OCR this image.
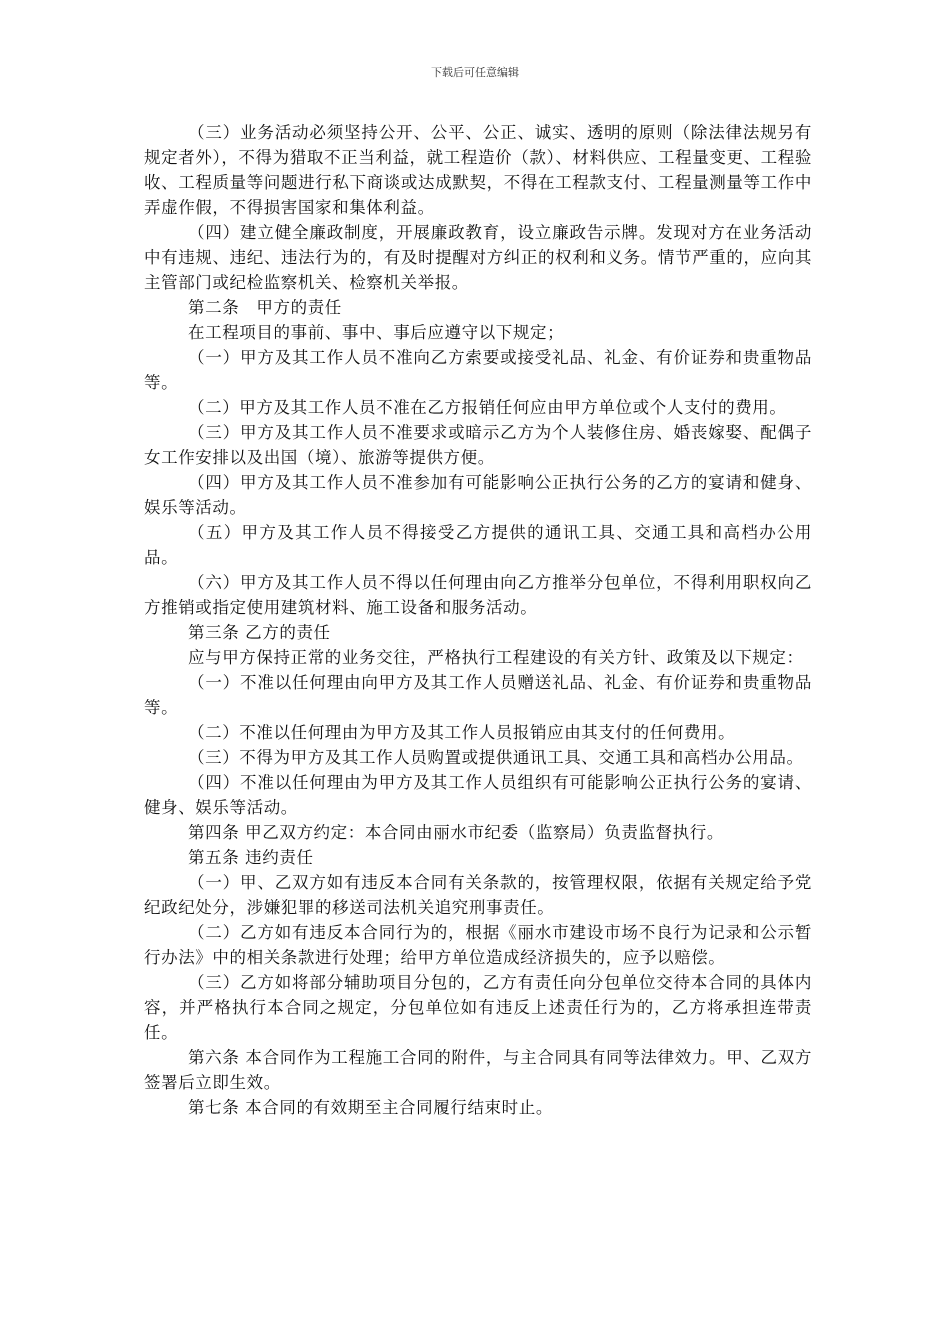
下载后可任意编辑

（三）业务活动必须坚持公开、公平、公正、诚实、透明的原则（除法律法规另有规定者外），不得为猎取不正当利益，就工程造价（款）、材料供应、工程量变更、工程验收、工程质量等问题进行私下商谈或达成默契，不得在工程款支付、工程量测量等工作中弄虚作假，不得损害国家和集体利益。

（四）建立健全廉政制度，开展廉政教育，设立廉政告示牌。发现对方在业务活动中有违规、违纪、违法行为的，有及时提醒对方纠正的权利和义务。情节严重的，应向其主管部门或纪检监察机关、检察机关举报。

第二条　甲方的责任

在工程项目的事前、事中、事后应遵守以下规定；

（一）甲方及其工作人员不准向乙方索要或接受礼品、礼金、有价证券和贵重物品等。

（二）甲方及其工作人员不准在乙方报销任何应由甲方单位或个人支付的费用。

（三）甲方及其工作人员不准要求或暗示乙方为个人装修住房、婚丧嫁娶、配偶子女工作安排以及出国（境）、旅游等提供方便。

（四）甲方及其工作人员不准参加有可能影响公正执行公务的乙方的宴请和健身、娱乐等活动。

（五）甲方及其工作人员不得接受乙方提供的通讯工具、交通工具和高档办公用品。

（六）甲方及其工作人员不得以任何理由向乙方推举分包单位，不得利用职权向乙方推销或指定使用建筑材料、施工设备和服务活动。

第三条 乙方的责任

应与甲方保持正常的业务交往，严格执行工程建设的有关方针、政策及以下规定：

（一）不准以任何理由向甲方及其工作人员赠送礼品、礼金、有价证券和贵重物品等。

（二）不准以任何理由为甲方及其工作人员报销应由其支付的任何费用。

（三）不得为甲方及其工作人员购置或提供通讯工具、交通工具和高档办公用品。

（四）不准以任何理由为甲方及其工作人员组织有可能影响公正执行公务的宴请、健身、娱乐等活动。

第四条 甲乙双方约定：本合同由丽水市纪委（监察局）负责监督执行。

第五条 违约责任

（一）甲、乙双方如有违反本合同有关条款的，按管理权限，依据有关规定给予党纪政纪处分，涉嫌犯罪的移送司法机关追究刑事责任。

（二）乙方如有违反本合同行为的，根据《丽水市建设市场不良行为记录和公示暂行办法》中的相关条款进行处理；给甲方单位造成经济损失的，应予以赔偿。

（三）乙方如将部分辅助项目分包的，乙方有责任向分包单位交待本合同的具体内容，并严格执行本合同之规定，分包单位如有违反上述责任行为的，乙方将承担连带责任。

第六条 本合同作为工程施工合同的附件，与主合同具有同等法律效力。甲、乙双方签署后立即生效。

第七条 本合同的有效期至主合同履行结束时止。
